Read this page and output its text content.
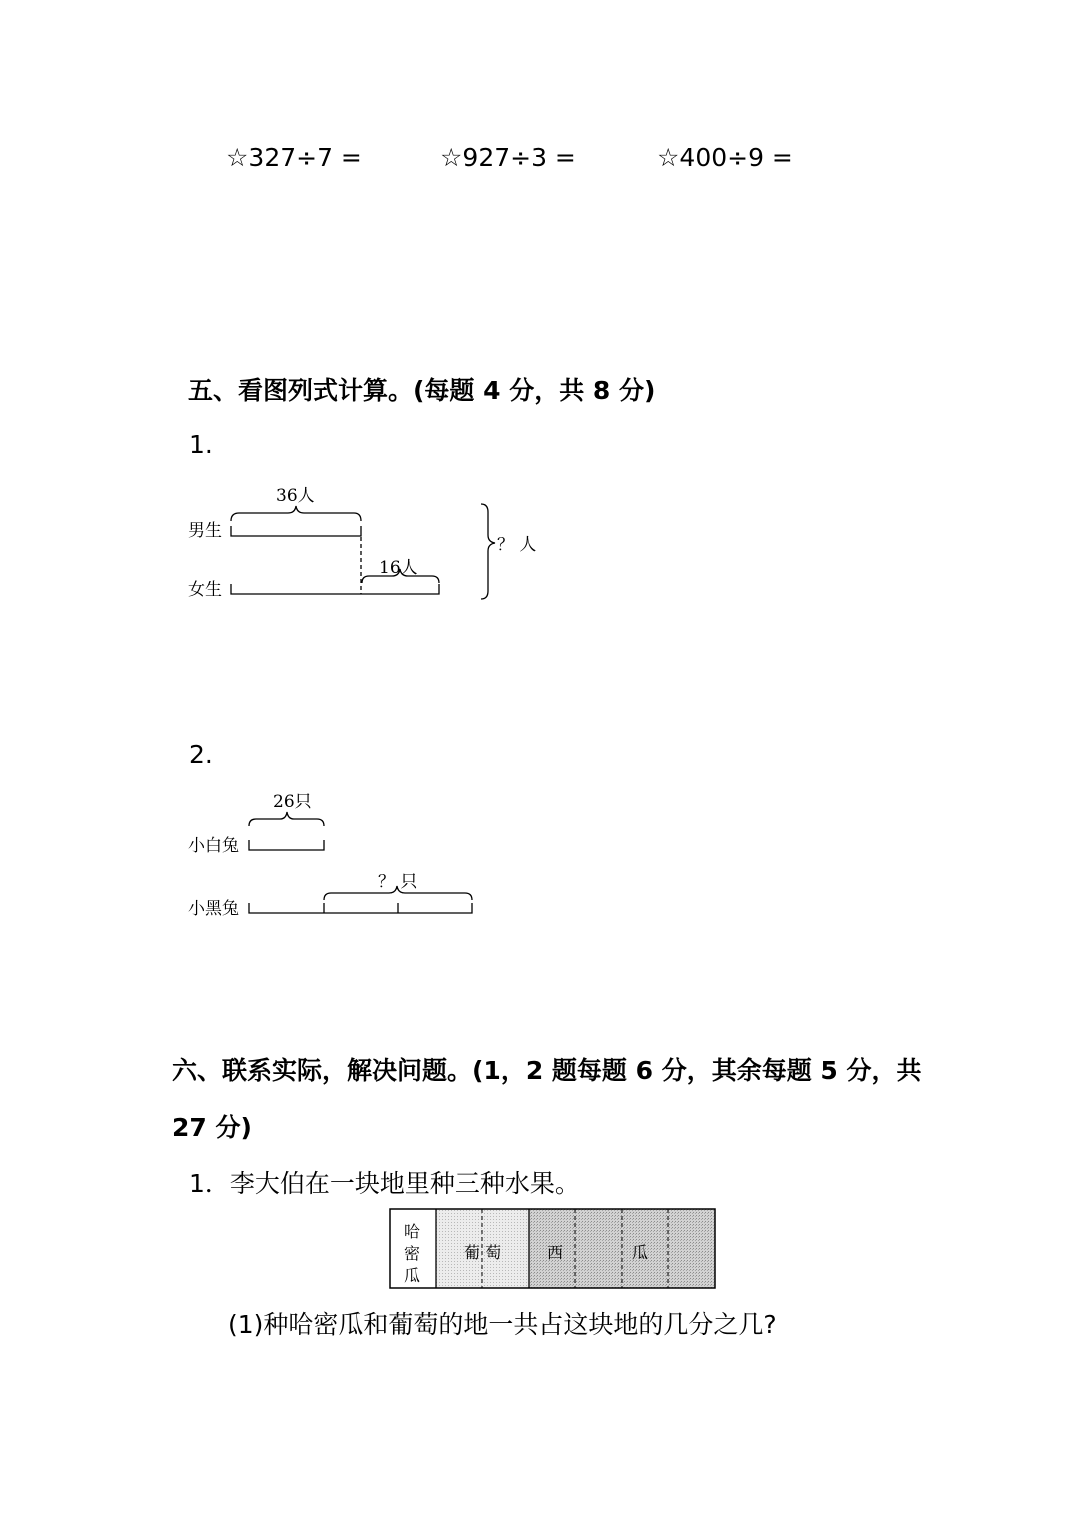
☆327÷7 =	☆927÷3 =	☆400÷9 =
五、看图列式计算。(每题 4 分，共 8 分)
1.
男生
女生
36人
16人
？ 人
2.
小白兔
小黑兔
26只
？ 只
六、联系实际，解决问题。(1，2 题每题 6 分，其余每题 5 分，共
27 分)
1．李大伯在一块地里种三种水果。
哈
密
瓜
葡 萄	西	瓜
(1)种哈密瓜和葡萄的地一共占这块地的几分之几?
